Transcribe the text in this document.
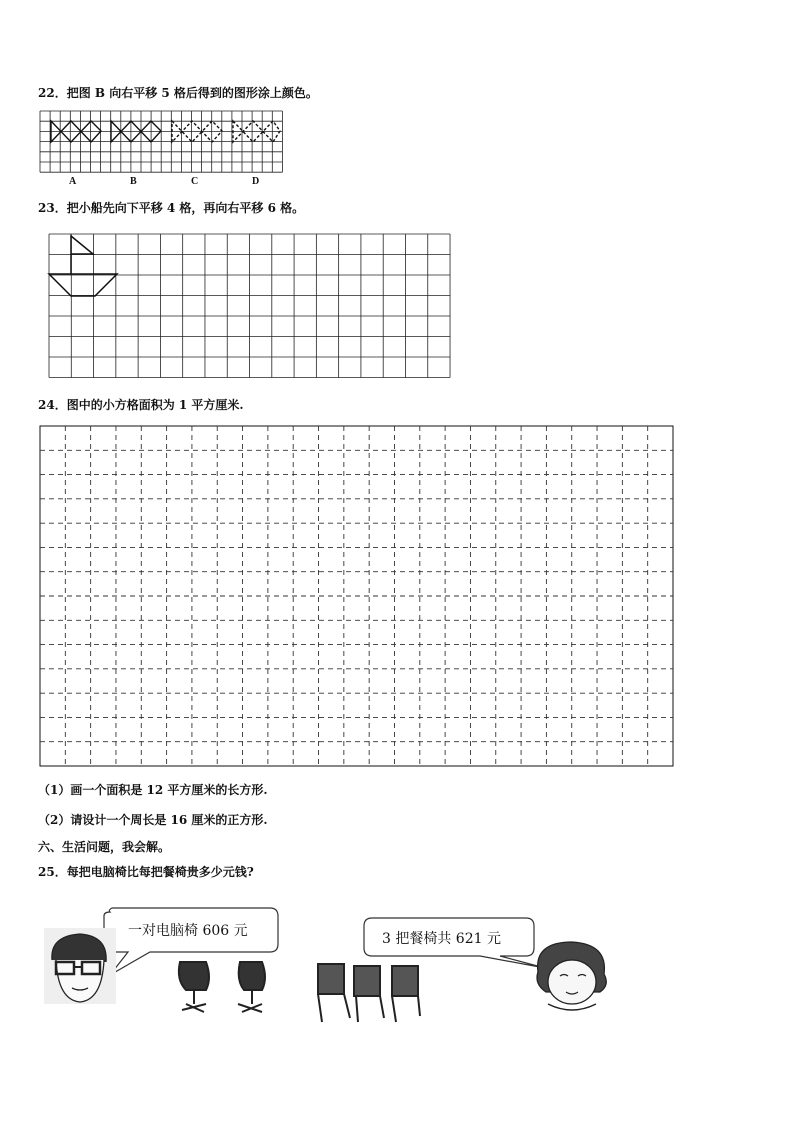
22．把图 B 向右平移 5 格后得到的图形涂上颜色。
A	B	C	D
23．把小船先向下平移 4 格，再向右平移 6 格。
24．图中的小方格面积为 1 平方厘米.
（1）画一个面积是 12 平方厘米的长方形.
（2）请设计一个周长是 16 厘米的正方形.
六、生活问题，我会解。
25．每把电脑椅比每把餐椅贵多少元钱?
一对电脑椅 606 元	3 把餐椅共 621 元
